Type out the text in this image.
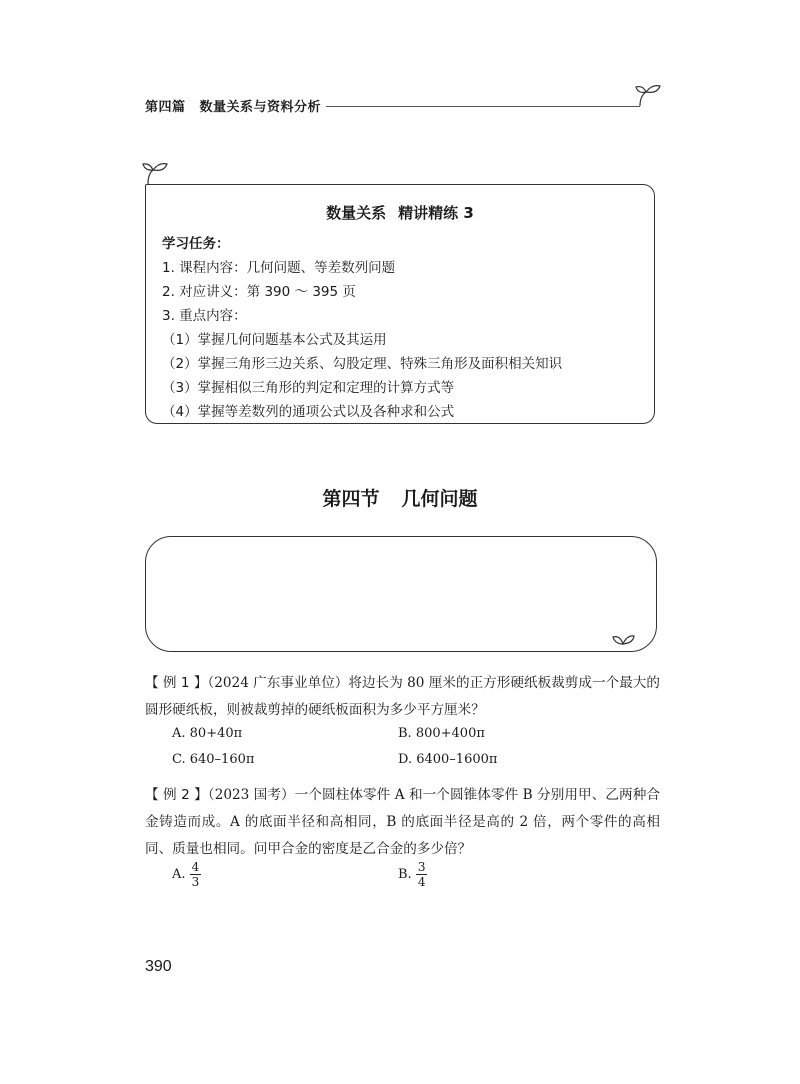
第四篇 数量关系与资料分析
数量关系 精讲精练 3
学习任务：
1. 课程内容：几何问题、等差数列问题
2. 对应讲义：第 390 ～ 395 页
3. 重点内容：
（1）掌握几何问题基本公式及其运用
（2）掌握三角形三边关系、勾股定理、特殊三角形及面积相关知识
（3）掌握相似三角形的判定和定理的计算方式等
（4）掌握等差数列的通项公式以及各种求和公式
第四节 几何问题
【 例 1 】（2024 广东事业单位）将边长为 80 厘米的正方形硬纸板裁剪成一个最大的圆形硬纸板，则被裁剪掉的硬纸板面积为多少平方厘米？
A. 80+40π	B. 800+400π
C. 640–160π	D. 6400–1600π
【 例 2 】（2023 国考）一个圆柱体零件 A 和一个圆锥体零件 B 分别用甲、乙两种合金铸造而成。A 的底面半径和高相同，B 的底面半径是高的 2 倍，两个零件的高相同、质量也相同。问甲合金的密度是乙合金的多少倍？
A. $\frac{4}{3}$	B. $\frac{3}{4}$
390
